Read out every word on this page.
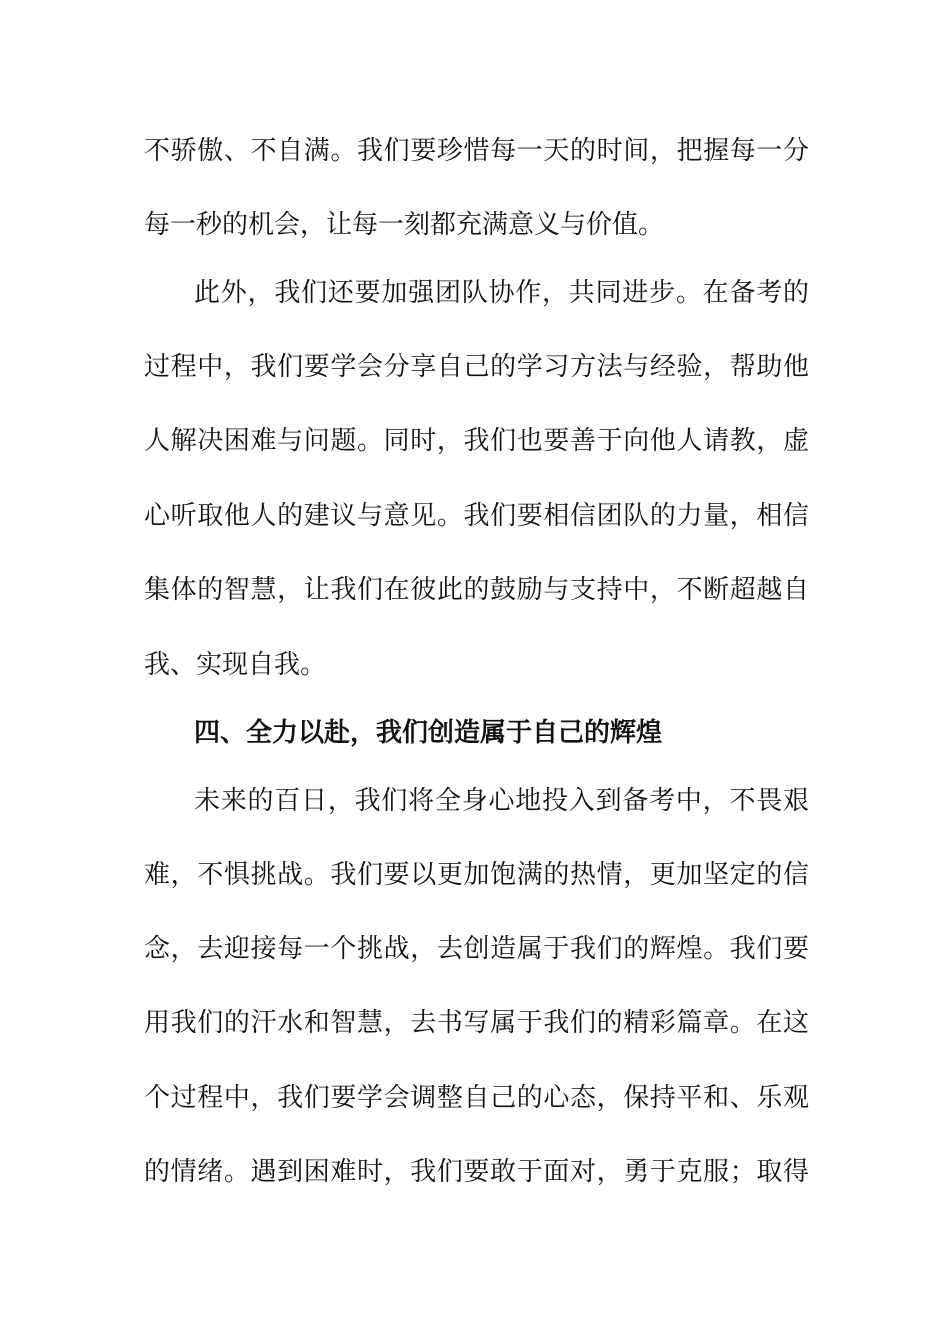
不骄傲、不自满。我们要珍惜每一天的时间，把握每一分
每一秒的机会，让每一刻都充满意义与价值。
此外，我们还要加强团队协作，共同进步。在备考的
过程中，我们要学会分享自己的学习方法与经验，帮助他
人解决困难与问题。同时，我们也要善于向他人请教，虚
心听取他人的建议与意见。我们要相信团队的力量，相信
集体的智慧，让我们在彼此的鼓励与支持中，不断超越自
我、实现自我。
四、全力以赴，我们创造属于自己的辉煌
未来的百日，我们将全身心地投入到备考中，不畏艰
难，不惧挑战。我们要以更加饱满的热情，更加坚定的信
念，去迎接每一个挑战，去创造属于我们的辉煌。我们要
用我们的汗水和智慧，去书写属于我们的精彩篇章。在这
个过程中，我们要学会调整自己的心态，保持平和、乐观
的情绪。遇到困难时，我们要敢于面对，勇于克服；取得
